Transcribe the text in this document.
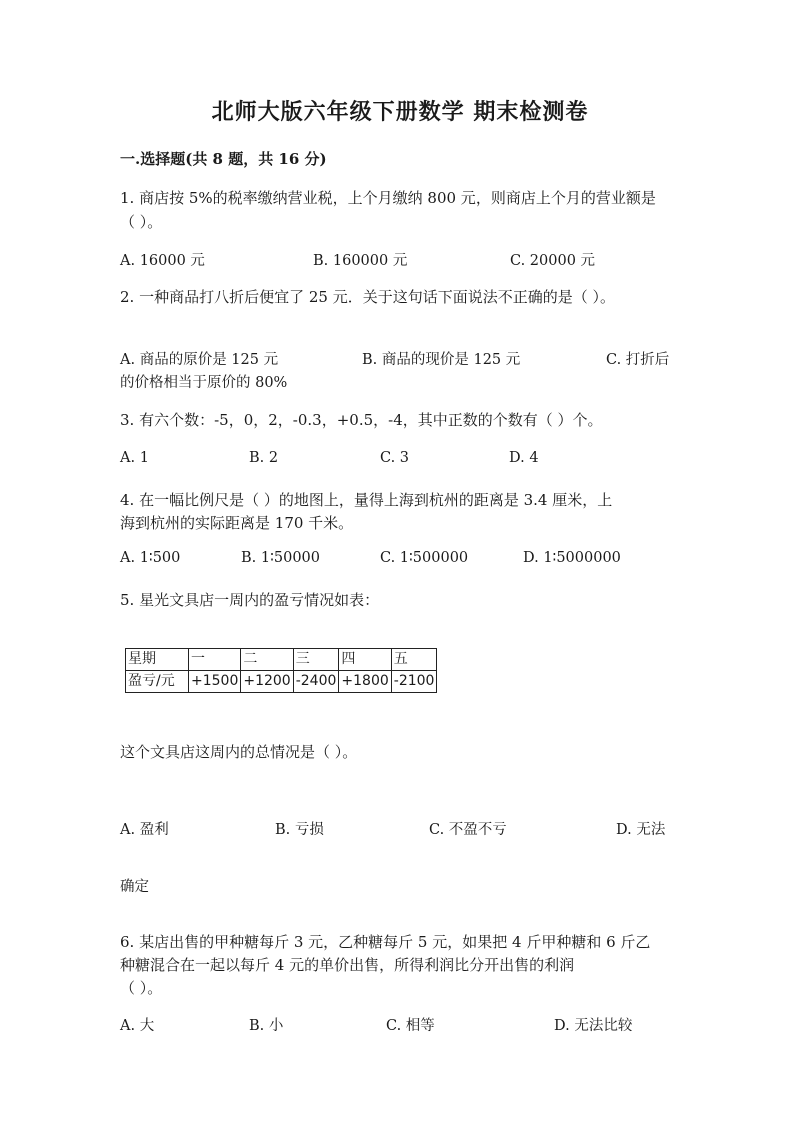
北师大版六年级下册数学 期末检测卷
一.选择题(共 8 题，共 16 分)
1. 商店按 5%的税率缴纳营业税，上个月缴纳 800 元，则商店上个月的营业额是
（ ）。
A. 16000 元	B. 160000 元	C. 20000 元
2. 一种商品打八折后便宜了 25 元．关于这句话下面说法不正确的是（ ）。
A. 商品的原价是 125 元	B. 商品的现价是 125 元	C. 打折后
的价格相当于原价的 80%
3. 有六个数：-5，0，2，-0.3，+0.5，-4，其中正数的个数有（ ）个。
A. 1	B. 2	C. 3	D. 4
4. 在一幅比例尺是（ ）的地图上，量得上海到杭州的距离是 3.4 厘米，上
海到杭州的实际距离是 170 千米。
A. 1∶500	B. 1∶50000	C. 1∶500000	D. 1∶5000000
5. 星光文具店一周内的盈亏情况如表：
星期	一	二	三	四	五
盈亏/元	+1500	+1200	-2400	+1800	-2100
这个文具店这周内的总情况是（ ）。
A. 盈利	B. 亏损	C. 不盈不亏	D. 无法
确定
6. 某店出售的甲种糖每斤 3 元，乙种糖每斤 5 元，如果把 4 斤甲种糖和 6 斤乙
种糖混合在一起以每斤 4 元的单价出售，所得利润比分开出售的利润
（ ）。
A. 大	B. 小	C. 相等	D. 无法比较
